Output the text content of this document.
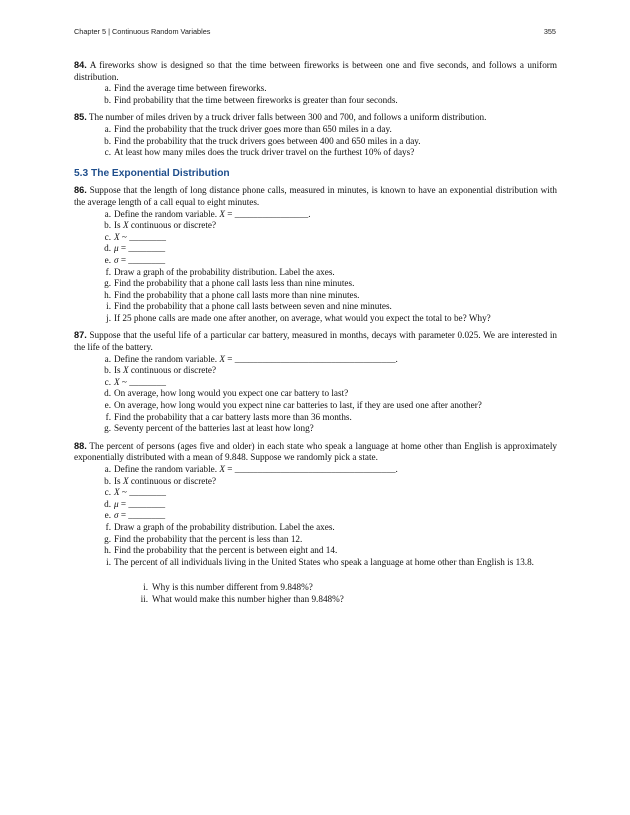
Chapter 5 | Continuous Random Variables	355
84. A fireworks show is designed so that the time between fireworks is between one and five seconds, and follows a uniform distribution.
a. Find the average time between fireworks.
b. Find probability that the time between fireworks is greater than four seconds.
85. The number of miles driven by a truck driver falls between 300 and 700, and follows a uniform distribution.
a. Find the probability that the truck driver goes more than 650 miles in a day.
b. Find the probability that the truck drivers goes between 400 and 650 miles in a day.
c. At least how many miles does the truck driver travel on the furthest 10% of days?
5.3 The Exponential Distribution
86. Suppose that the length of long distance phone calls, measured in minutes, is known to have an exponential distribution with the average length of a call equal to eight minutes.
a. Define the random variable. X = ________________.
b. Is X continuous or discrete?
c. X ~ ________
d. μ = ________
e. σ = ________
f. Draw a graph of the probability distribution. Label the axes.
g. Find the probability that a phone call lasts less than nine minutes.
h. Find the probability that a phone call lasts more than nine minutes.
i. Find the probability that a phone call lasts between seven and nine minutes.
j. If 25 phone calls are made one after another, on average, what would you expect the total to be? Why?
87. Suppose that the useful life of a particular car battery, measured in months, decays with parameter 0.025. We are interested in the life of the battery.
a. Define the random variable. X = ___________________________________.
b. Is X continuous or discrete?
c. X ~ ________
d. On average, how long would you expect one car battery to last?
e. On average, how long would you expect nine car batteries to last, if they are used one after another?
f. Find the probability that a car battery lasts more than 36 months.
g. Seventy percent of the batteries last at least how long?
88. The percent of persons (ages five and older) in each state who speak a language at home other than English is approximately exponentially distributed with a mean of 9.848. Suppose we randomly pick a state.
a. Define the random variable. X = ___________________________________.
b. Is X continuous or discrete?
c. X ~ ________
d. μ = ________
e. σ = ________
f. Draw a graph of the probability distribution. Label the axes.
g. Find the probability that the percent is less than 12.
h. Find the probability that the percent is between eight and 14.
i. The percent of all individuals living in the United States who speak a language at home other than English is 13.8.
i. Why is this number different from 9.848%?
ii. What would make this number higher than 9.848%?
